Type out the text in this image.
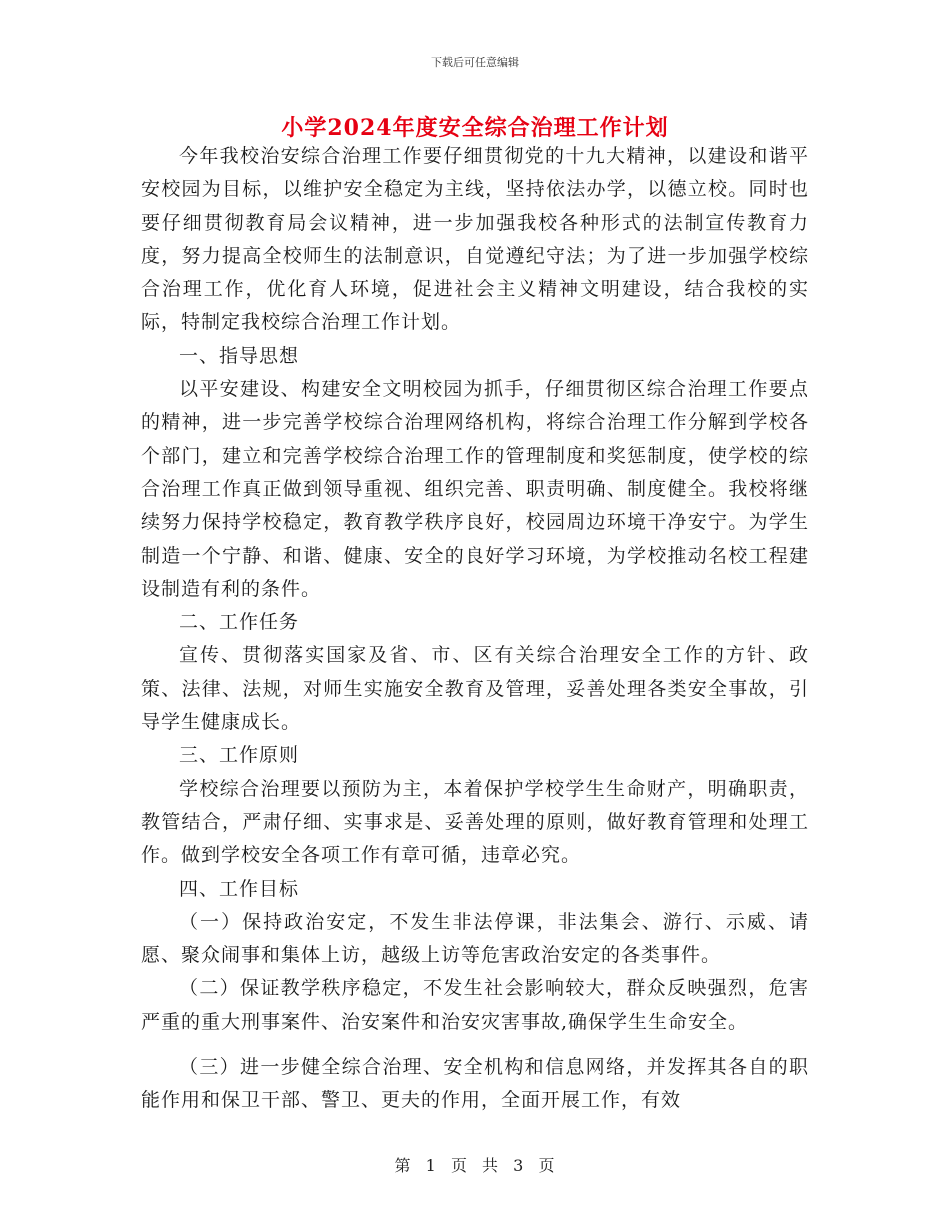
下载后可任意编辑
小学2024年度安全综合治理工作计划

今年我校治安综合治理工作要仔细贯彻党的十九大精神，以建设和谐平安校园为目标，以维护安全稳定为主线，坚持依法办学，以德立校。同时也要仔细贯彻教育局会议精神，进一步加强我校各种形式的法制宣传教育力度，努力提高全校师生的法制意识，自觉遵纪守法；为了进一步加强学校综合治理工作，优化育人环境，促进社会主义精神文明建设，结合我校的实际，特制定我校综合治理工作计划。

一、指导思想

以平安建设、构建安全文明校园为抓手，仔细贯彻区综合治理工作要点的精神，进一步完善学校综合治理网络机构，将综合治理工作分解到学校各个部门，建立和完善学校综合治理工作的管理制度和奖惩制度，使学校的综合治理工作真正做到领导重视、组织完善、职责明确、制度健全。我校将继续努力保持学校稳定，教育教学秩序良好，校园周边环境干净安宁。为学生制造一个宁静、和谐、健康、安全的良好学习环境，为学校推动名校工程建设制造有利的条件。

二、工作任务

宣传、贯彻落实国家及省、市、区有关综合治理安全工作的方针、政策、法律、法规，对师生实施安全教育及管理，妥善处理各类安全事故，引导学生健康成长。

三、工作原则

学校综合治理要以预防为主，本着保护学校学生生命财产，明确职责，教管结合，严肃仔细、实事求是、妥善处理的原则，做好教育管理和处理工作。做到学校安全各项工作有章可循，违章必究。

四、工作目标

（一）保持政治安定，不发生非法停课，非法集会、游行、示威、请愿、聚众闹事和集体上访，越级上访等危害政治安定的各类事件。

（二）保证教学秩序稳定，不发生社会影响较大，群众反映强烈，危害严重的重大刑事案件、治安案件和治安灾害事故,确保学生生命安全。

（三）进一步健全综合治理、安全机构和信息网络，并发挥其各自的职能作用和保卫干部、警卫、更夫的作用，全面开展工作，有效

第 1 页 共 3 页
